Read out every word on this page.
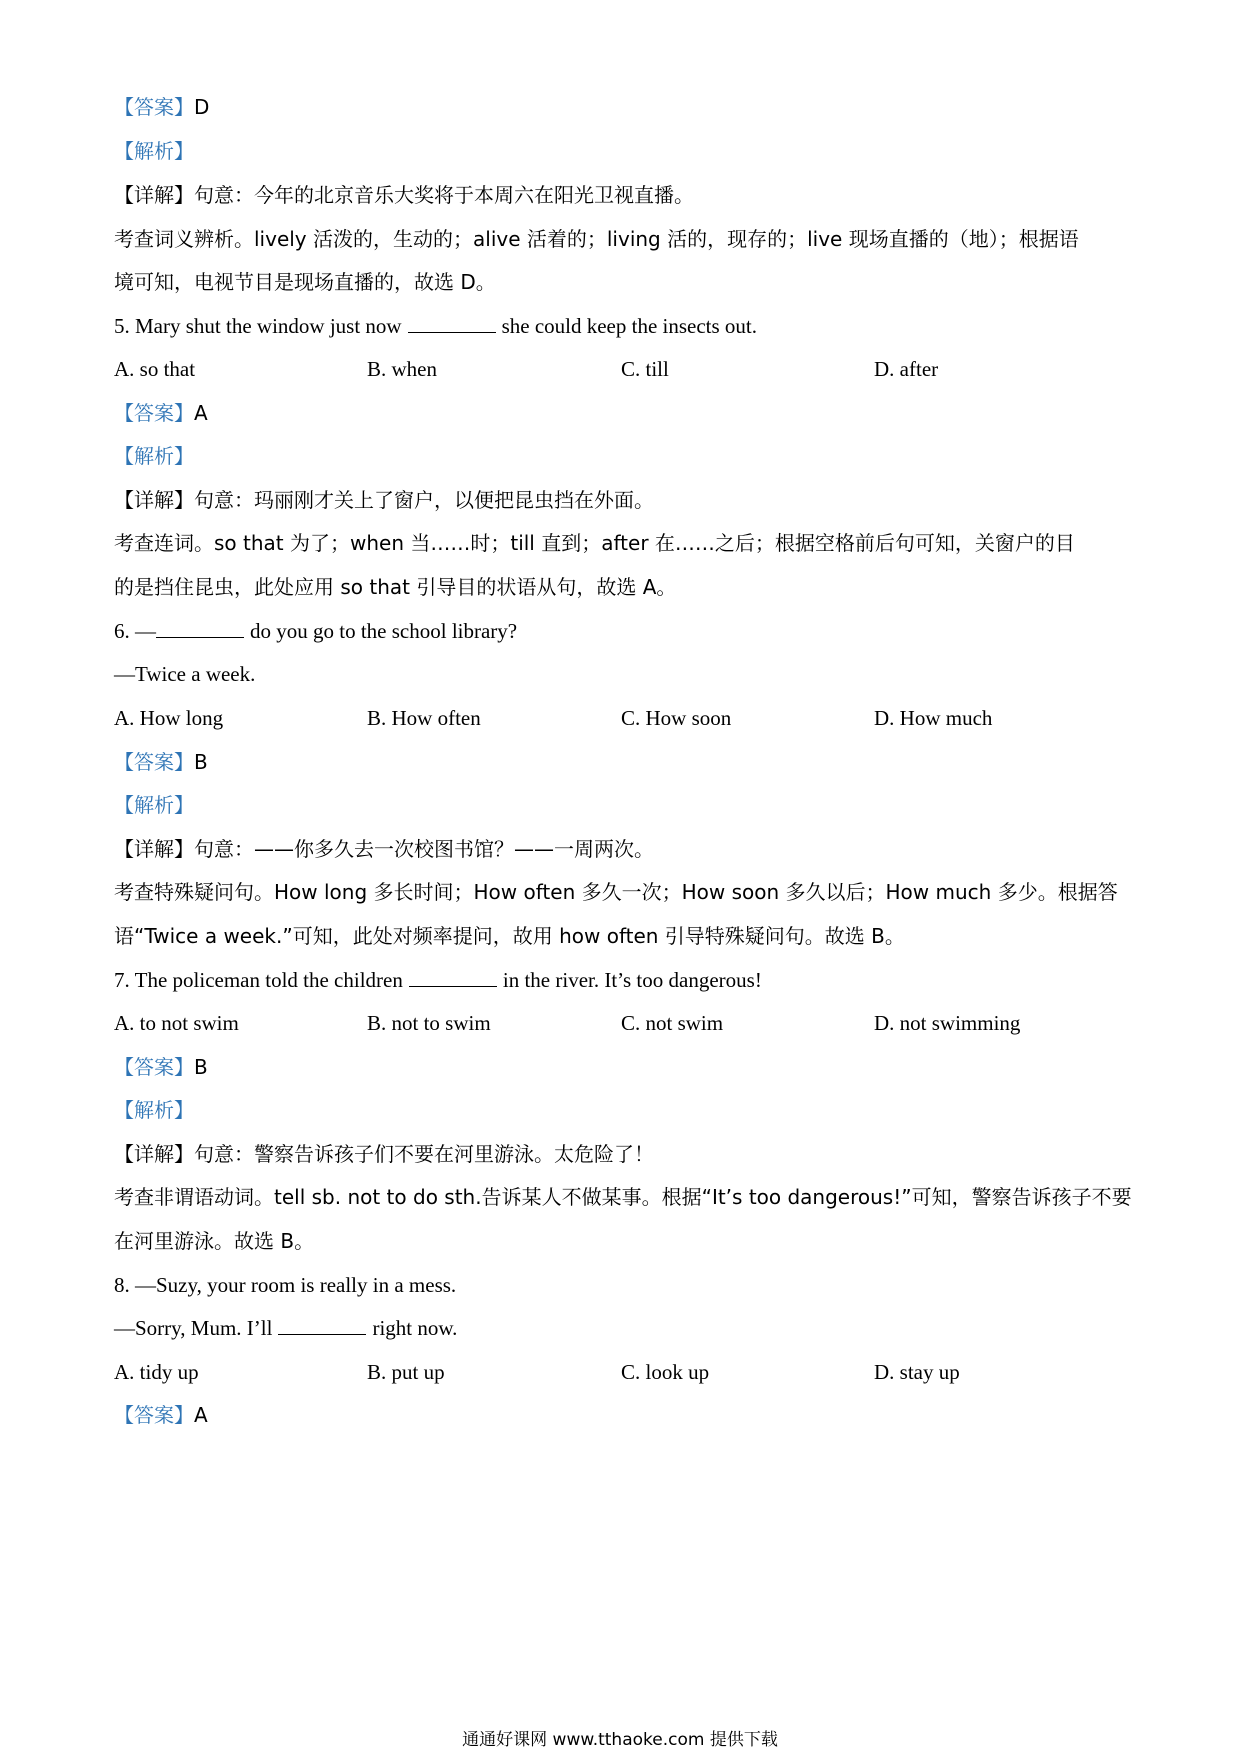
【答案】D
【解析】
【详解】句意：今年的北京音乐大奖将于本周六在阳光卫视直播。
考查词义辨析。lively 活泼的，生动的；alive 活着的；living 活的，现存的；live 现场直播的（地）；根据语
境可知，电视节目是现场直播的，故选 D。
5. Mary shut the window just now	she could keep the insects out.
A. so that	B. when	C. till	D. after
【答案】A
【解析】
【详解】句意：玛丽刚才关上了窗户，以便把昆虫挡在外面。
考查连词。so that 为了；when 当……时；till 直到；after 在……之后；根据空格前后句可知，关窗户的目
的是挡住昆虫，此处应用 so that 引导目的状语从句，故选 A。
6. —	do you go to the school library?
—Twice a week.
A. How long	B. How often	C. How soon	D. How much
【答案】B
【解析】
【详解】句意：——你多久去一次校图书馆？——一周两次。
考查特殊疑问句。How long 多长时间；How often 多久一次；How soon 多久以后；How much 多少。根据答
语“Twice a week.”可知，此处对频率提问，故用 how often 引导特殊疑问句。故选 B。
7. The policeman told the children	in the river. It’s too dangerous!
A. to not swim	B. not to swim	C. not swim	D. not swimming
【答案】B
【解析】
【详解】句意：警察告诉孩子们不要在河里游泳。太危险了！
考查非谓语动词。tell sb. not to do sth.告诉某人不做某事。根据“It’s too dangerous!”可知，警察告诉孩子不要
在河里游泳。故选 B。
8. —Suzy, your room is really in a mess.
—Sorry, Mum. I’ll	right now.
A. tidy up	B. put up	C. look up	D. stay up
【答案】A
通通好课网 www.tthaoke.com 提供下载
